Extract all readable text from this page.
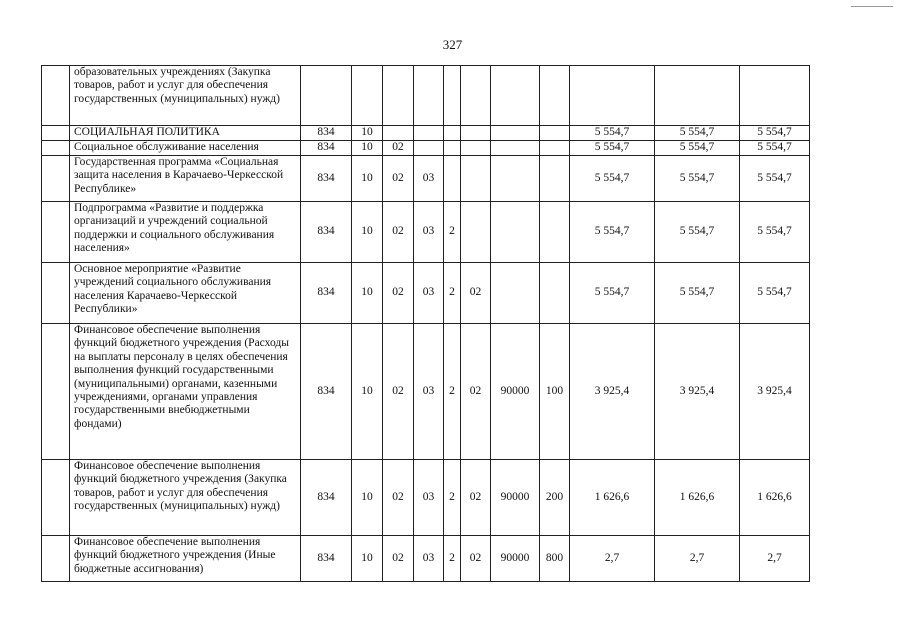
327
	образовательных учреждениях (Закупка товаров, работ и услуг для обеспечения государственных (муниципальных) нужд)											
	СОЦИАЛЬНАЯ ПОЛИТИКА	834	10							5 554,7	5 554,7	5 554,7
	Социальное обслуживание населения	834	10	02						5 554,7	5 554,7	5 554,7
	Государственная программа «Социальная защита населения в Карачаево-Черкесской Республике»	834	10	02	03					5 554,7	5 554,7	5 554,7
	Подпрограмма «Развитие и поддержка организаций и учреждений социальной поддержки и социального обслуживания населения»	834	10	02	03	2				5 554,7	5 554,7	5 554,7
	Основное мероприятие «Развитие учреждений социального обслуживания населения Карачаево-Черкесской Республики»	834	10	02	03	2	02			5 554,7	5 554,7	5 554,7
	Финансовое обеспечение выполнения функций бюджетного учреждения (Расходы на выплаты персоналу в целях обеспечения выполнения функций государственными (муниципальными) органами, казенными учреждениями, органами управления государственными внебюджетными фондами)	834	10	02	03	2	02	90000	100	3 925,4	3 925,4	3 925,4
	Финансовое обеспечение выполнения функций бюджетного учреждения (Закупка товаров, работ и услуг для обеспечения государственных (муниципальных) нужд)	834	10	02	03	2	02	90000	200	1 626,6	1 626,6	1 626,6
	Финансовое обеспечение выполнения функций бюджетного учреждения (Иные бюджетные ассигнования)	834	10	02	03	2	02	90000	800	2,7	2,7	2,7
